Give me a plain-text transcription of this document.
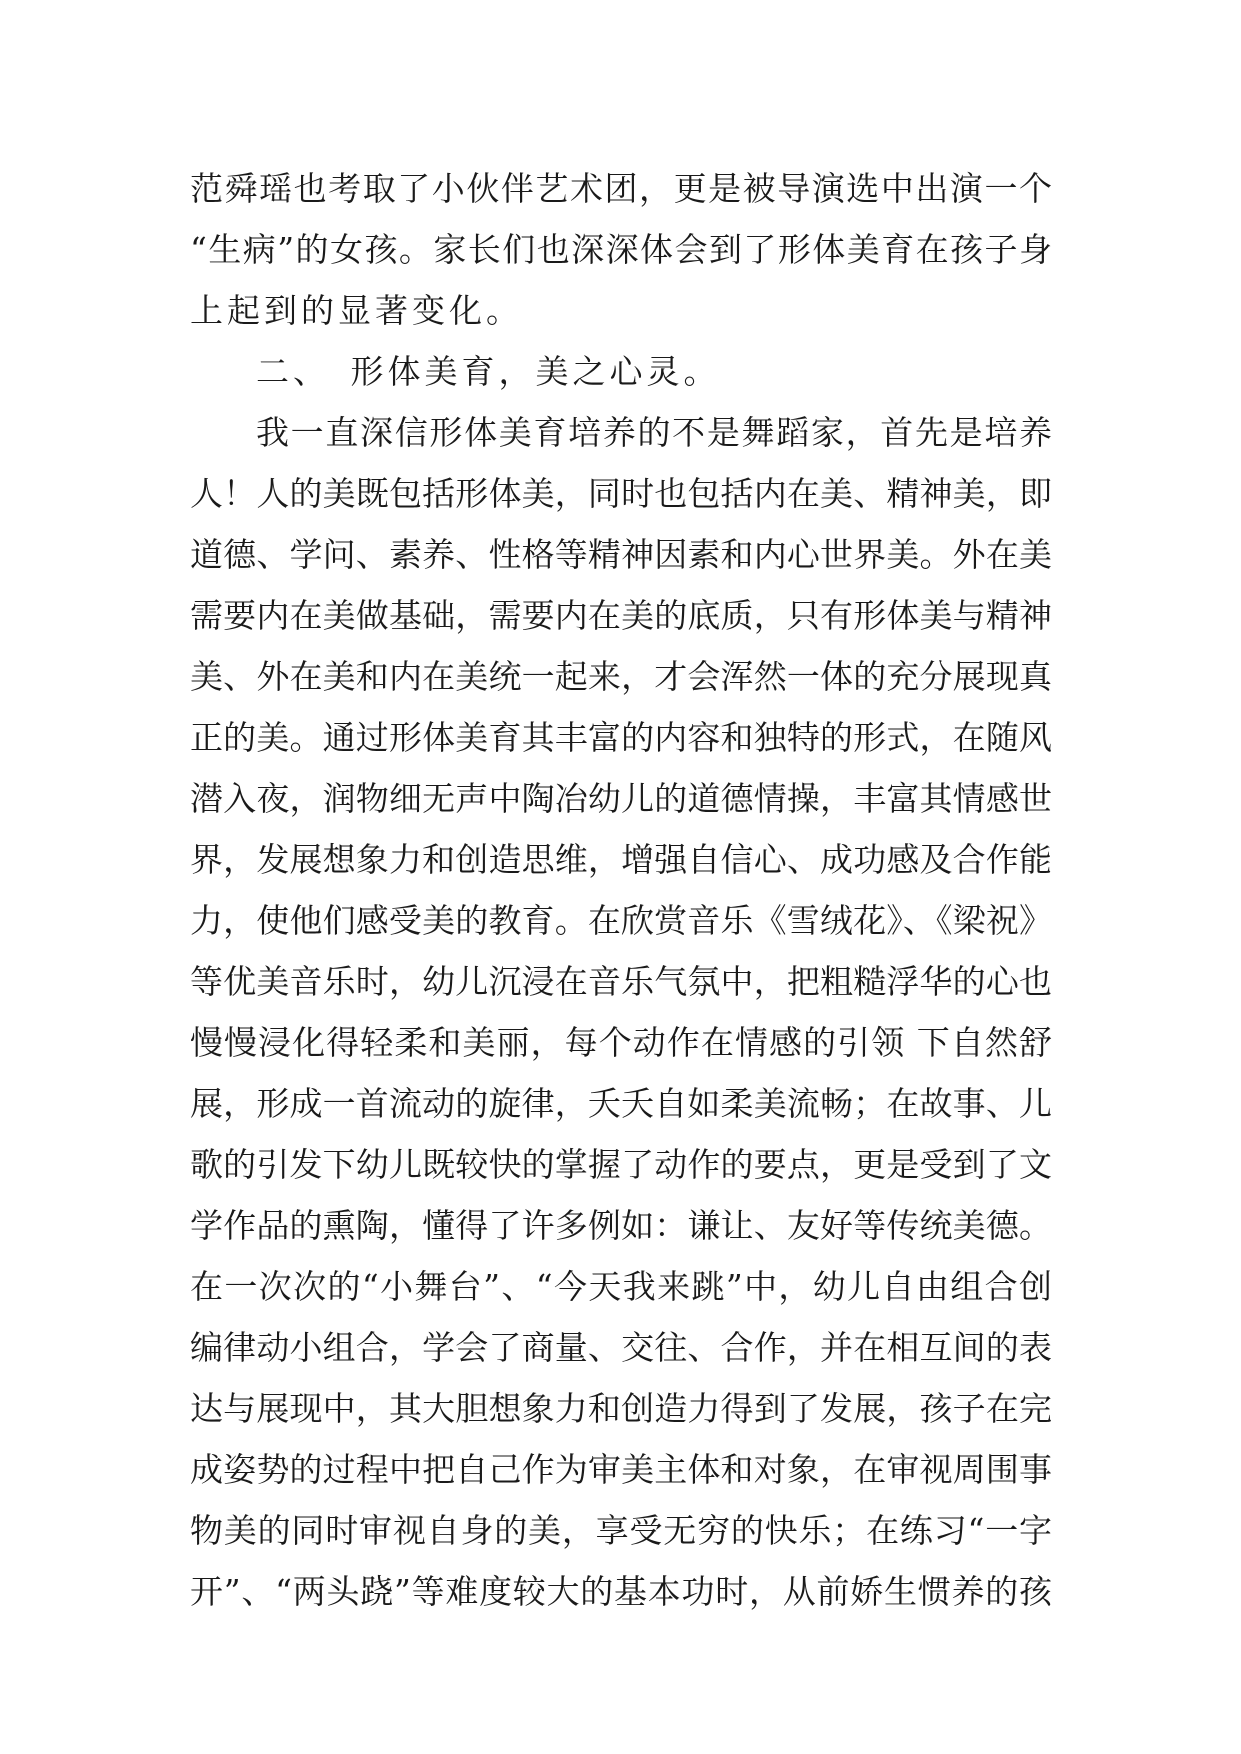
范舜瑶也考取了小伙伴艺术团，更是被导演选中出演一个
“生病”的女孩。家长们也深深体会到了形体美育在孩子身
上起到的显著变化。
二、　形体美育，美之心灵。
我一直深信形体美育培养的不是舞蹈家，首先是培养
人！人的美既包括形体美，同时也包括内在美、精神美，即
道德、学问、素养、性格等精神因素和内心世界美。外在美
需要内在美做基础，需要内在美的底质，只有形体美与精神
美、外在美和内在美统一起来，才会浑然一体的充分展现真
正的美。通过形体美育其丰富的内容和独特的形式，在随风
潜入夜，润物细无声中陶冶幼儿的道德情操，丰富其情感世
界，发展想象力和创造思维，增强自信心、成功感及合作能
力，使他们感受美的教育。在欣赏音乐《雪绒花》、《梁祝》
等优美音乐时，幼儿沉浸在音乐气氛中，把粗糙浮华的心也
慢慢浸化得轻柔和美丽，每个动作在情感的引领 下自然舒
展，形成一首流动的旋律，夭夭自如柔美流畅；在故事、儿
歌的引发下幼儿既较快的掌握了动作的要点，更是受到了文
学作品的熏陶，懂得了许多例如：谦让、友好等传统美德。
在一次次的“小舞台”、“今天我来跳”中，幼儿自由组合创
编律动小组合，学会了商量、交往、合作，并在相互间的表
达与展现中，其大胆想象力和创造力得到了发展，孩子在完
成姿势的过程中把自己作为审美主体和对象，在审视周围事
物美的同时审视自身的美，享受无穷的快乐；在练习“一字
开”、“两头跷”等难度较大的基本功时，从前娇生惯养的孩
